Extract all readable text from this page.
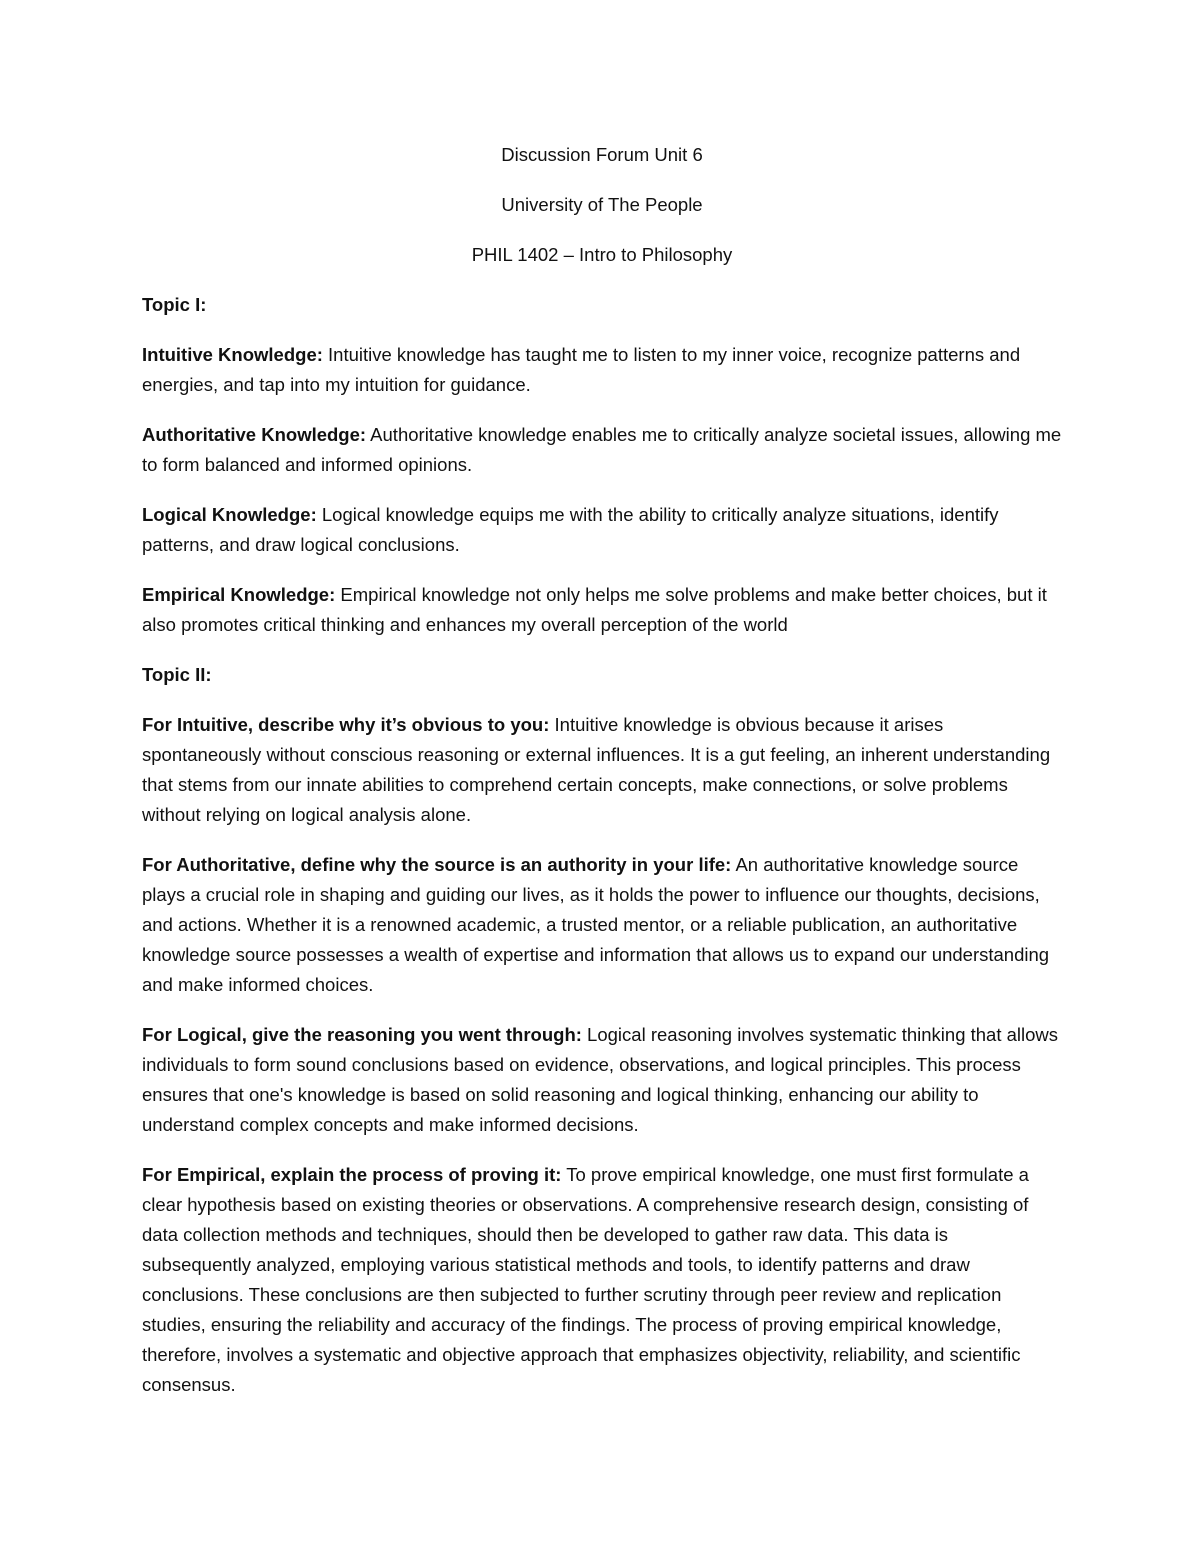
Discussion Forum Unit 6
University of The People
PHIL 1402 – Intro to Philosophy
Topic I:

Intuitive Knowledge: Intuitive knowledge has taught me to listen to my inner voice, recognize patterns and energies, and tap into my intuition for guidance.

Authoritative Knowledge: Authoritative knowledge enables me to critically analyze societal issues, allowing me to form balanced and informed opinions.

Logical Knowledge: Logical knowledge equips me with the ability to critically analyze situations, identify patterns, and draw logical conclusions.

Empirical Knowledge: Empirical knowledge not only helps me solve problems and make better choices, but it also promotes critical thinking and enhances my overall perception of the world

Topic II:

For Intuitive, describe why it’s obvious to you: Intuitive knowledge is obvious because it arises spontaneously without conscious reasoning or external influences. It is a gut feeling, an inherent understanding that stems from our innate abilities to comprehend certain concepts, make connections, or solve problems without relying on logical analysis alone.

For Authoritative, define why the source is an authority in your life: An authoritative knowledge source plays a crucial role in shaping and guiding our lives, as it holds the power to influence our thoughts, decisions, and actions. Whether it is a renowned academic, a trusted mentor, or a reliable publication, an authoritative knowledge source possesses a wealth of expertise and information that allows us to expand our understanding and make informed choices.

For Logical, give the reasoning you went through: Logical reasoning involves systematic thinking that allows individuals to form sound conclusions based on evidence, observations, and logical principles. This process ensures that one's knowledge is based on solid reasoning and logical thinking, enhancing our ability to understand complex concepts and make informed decisions.

For Empirical, explain the process of proving it: To prove empirical knowledge, one must first formulate a clear hypothesis based on existing theories or observations. A comprehensive research design, consisting of data collection methods and techniques, should then be developed to gather raw data. This data is subsequently analyzed, employing various statistical methods and tools, to identify patterns and draw conclusions. These conclusions are then subjected to further scrutiny through peer review and replication studies, ensuring the reliability and accuracy of the findings. The process of proving empirical knowledge, therefore, involves a systematic and objective approach that emphasizes objectivity, reliability, and scientific consensus.
